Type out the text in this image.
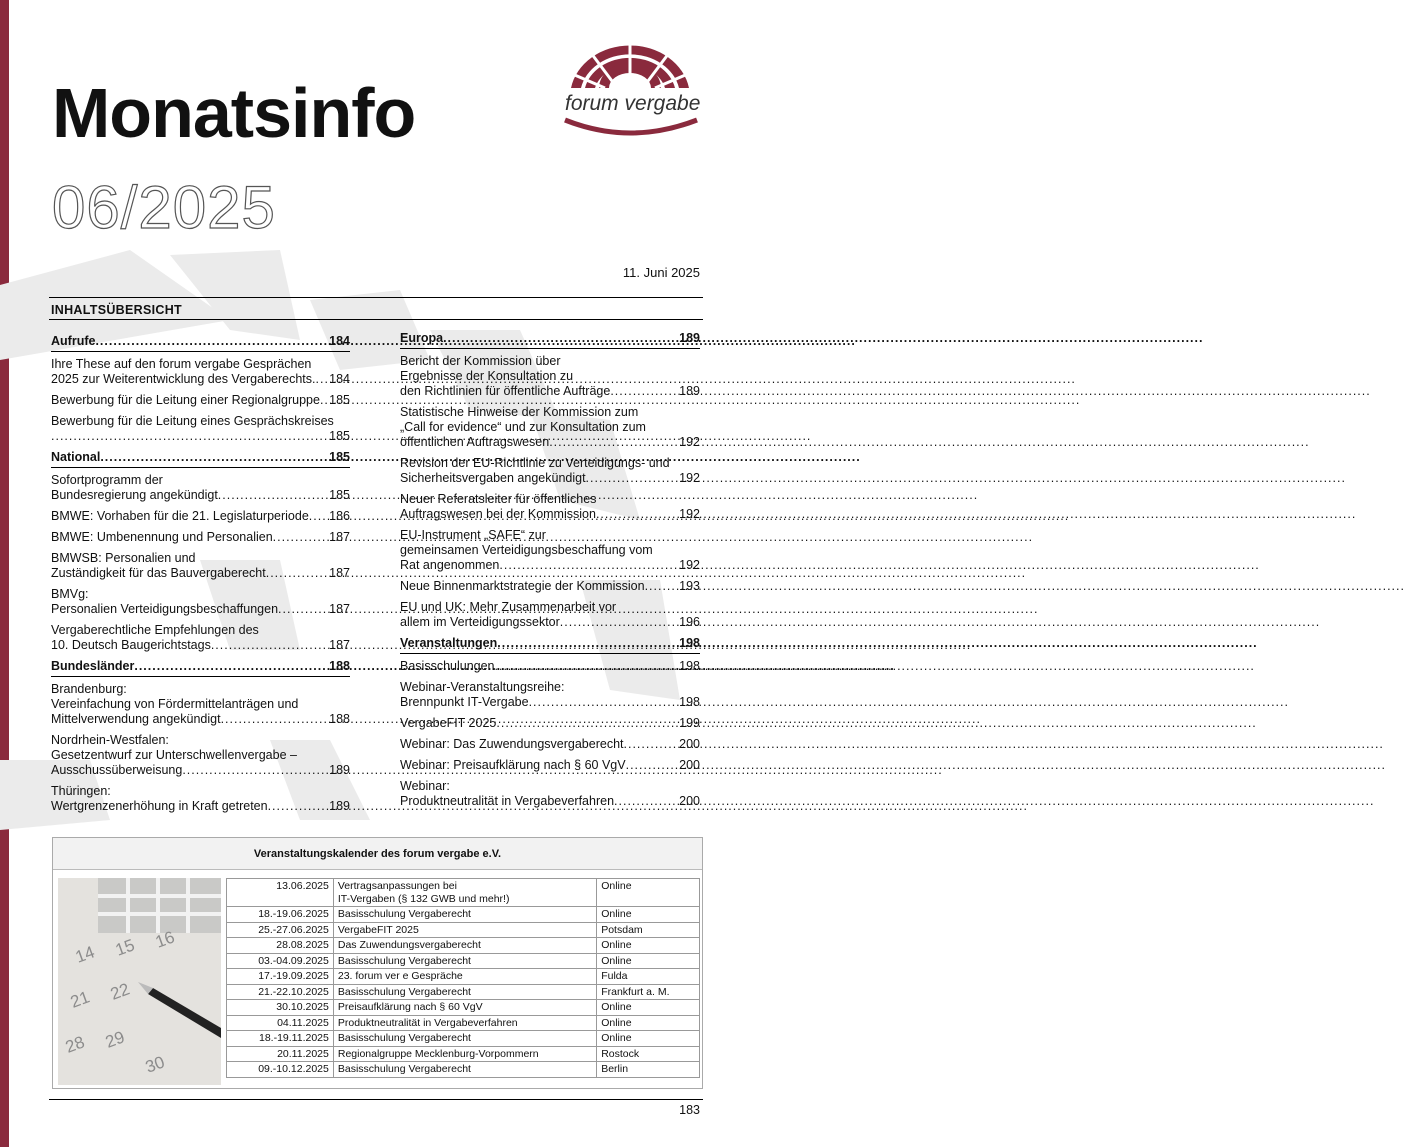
Monatsinfo
06/2025
forum vergabe
11. Juni 2025
INHALTSÜBERSICHT
Aufrufe .....	184
Ihre These auf den forum vergabe Gesprächen
2025 zur Weiterentwicklung des Vergaberechts. ..... 184
Bewerbung für die Leitung einer Regionalgruppe ..... 185
Bewerbung für die Leitung eines Gesprächskreises
.....
185
National .....	185
Sofortprogramm der
Bundesregierung angekündigt .....	185
BMWE: Vorhaben für die 21. Legislaturperiode ..... 186
BMWE: Umbenennung und Personalien .....	187
BMWSB: Personalien und
Zuständigkeit für das Bauvergaberecht .....	187
BMVg:
Personalien Verteidigungsbeschaffungen .....	187
Vergaberechtliche Empfehlungen des
10. Deutsch Baugerichtstags .....	187
Bundesländer .....	188
Brandenburg:
Vereinfachung von Fördermittelanträgen und
Mittelverwendung angekündigt .....	188
Nordrhein-Westfalen:
Gesetzentwurf zur Unterschwellenvergabe –
Ausschussüberweisung .....	189
Thüringen:
Wertgrenzenerhöhung in Kraft getreten .....	189
Europa .....	189
Bericht der Kommission über
Ergebnisse der Konsultation zu
den Richtlinien für öffentliche Aufträge .....	189
Statistische Hinweise der Kommission zum
„Call for evidence“ und zur Konsultation zum
öffentlichen Auftragswesen .....	192
Revision der EU-Richtlinie zu Verteidigungs- und
Sicherheitsvergaben angekündigt .....	192
Neuer Referatsleiter für öffentliches
Auftragswesen bei der Kommission .....	192
EU-Instrument „SAFE“ zur
gemeinsamen Verteidigungsbeschaffung vom
Rat angenommen .....	192
Neue Binnenmarktstrategie der Kommission .....	193
EU und UK: Mehr Zusammenarbeit vor
allem im Verteidigungssektor .....	196
Veranstaltungen .....	198
Basisschulungen .....	198
Webinar-Veranstaltungsreihe:
Brennpunkt IT-Vergabe .....	198
VergabeFIT 2025 .....	199
Webinar: Das Zuwendungsvergaberecht .....	200
Webinar: Preisaufklärung nach § 60 VgV .....	200
Webinar:
Produktneutralität in Vergabeverfahren .....	200
Veranstaltungskalender des forum vergabe e.V.
14 15 16
21 22
28 29
30
13.06.2025	Vertragsanpassungen bei
IT-Vergaben (§ 132 GWB und mehr!)	Online
18.-19.06.2025	Basisschulung Vergaberecht	Online
25.-27.06.2025	VergabeFIT 2025	Potsdam
28.08.2025	Das Zuwendungsvergaberecht	Online
03.-04.09.2025	Basisschulung Vergaberecht	Online
17.-19.09.2025	23. forum ver e Gespräche	Fulda
21.-22.10.2025	Basisschulung Vergaberecht	Frankfurt a. M.
30.10.2025	Preisaufklärung nach § 60 VgV	Online
04.11.2025	Produktneutralität in Vergabeverfahren	Online
18.-19.11.2025	Basisschulung Vergaberecht	Online
20.11.2025	Regionalgruppe Mecklenburg-Vorpommern	Rostock
09.-10.12.2025	Basisschulung Vergaberecht	Berlin
183
